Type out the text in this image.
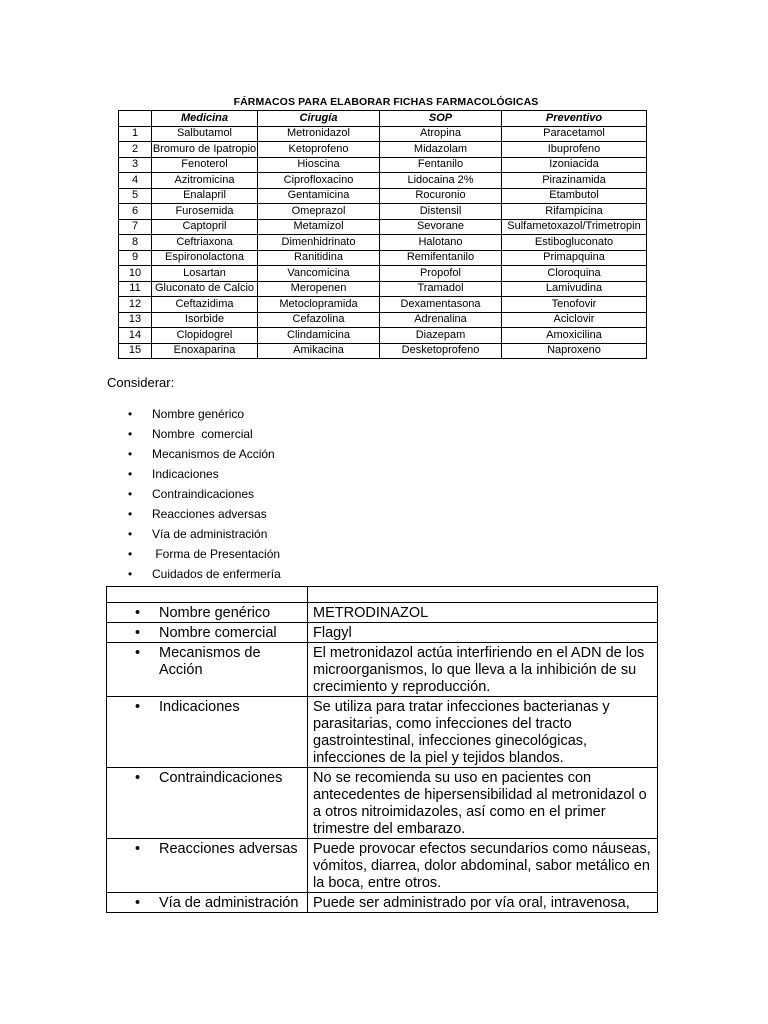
FÁRMACOS PARA ELABORAR FICHAS FARMACOLÓGICAS
	Medicina	Cirugía	SOP	Preventivo
1	Salbutamol	Metronidazol	Atropina	Paracetamol
2	Bromuro de Ipatropio	Ketoprofeno	Midazolam	Ibuprofeno
3	Fenoterol	Hioscina	Fentanilo	Izoniacida
4	Azitromicina	Ciprofloxacino	Lidocaina 2%	Pirazinamida
5	Enalapril	Gentamicina	Rocuronio	Etambutol
6	Furosemida	Omeprazol	Distensil	Rifampicina
7	Captopril	Metamizol	Sevorane	Sulfametoxazol/Trimetropin
8	Ceftriaxona	Dimenhidrinato	Halotano	Estibogluconato
9	Espironolactona	Ranitidina	Remifentanilo	Primapquina
10	Losartan	Vancomicina	Propofol	Cloroquina
11	Gluconato de Calcio	Meropenen	Tramadol	Lamivudina
12	Ceftazidima	Metoclopramida	Dexamentasona	Tenofovir
13	Isorbide	Cefazolina	Adrenalina	Aciclovir
14	Clopidogrel	Clindamicina	Diazepam	Amoxicilina
15	Enoxaparina	Amikacina	Desketoprofeno	Naproxeno
Considerar:
• Nombre genérico
• Nombre  comercial
• Mecanismos de Acción
• Indicaciones
• Contraindicaciones
• Reacciones adversas
• Vía de administración
• Forma de Presentación
• Cuidados de enfermería

• Nombre genérico	METRODINAZOL

• Nombre comercial	Flagyl

• Mecanismos de Acción	El metronidazol actúa interfiriendo en el ADN de los microorganismos, lo que lleva a la inhibición de su crecimiento y reproducción.

• Indicaciones	Se utiliza para tratar infecciones bacterianas y parasitarias, como infecciones del tracto gastrointestinal, infecciones ginecológicas, infecciones de la piel y tejidos blandos.

• Contraindicaciones	No se recomienda su uso en pacientes con antecedentes de hipersensibilidad al metronidazol o a otros nitroimidazoles, así como en el primer trimestre del embarazo.

• Reacciones adversas	Puede provocar efectos secundarios como náuseas, vómitos, diarrea, dolor abdominal, sabor metálico en la boca, entre otros.

• Vía de administración	Puede ser administrado por vía oral, intravenosa,
